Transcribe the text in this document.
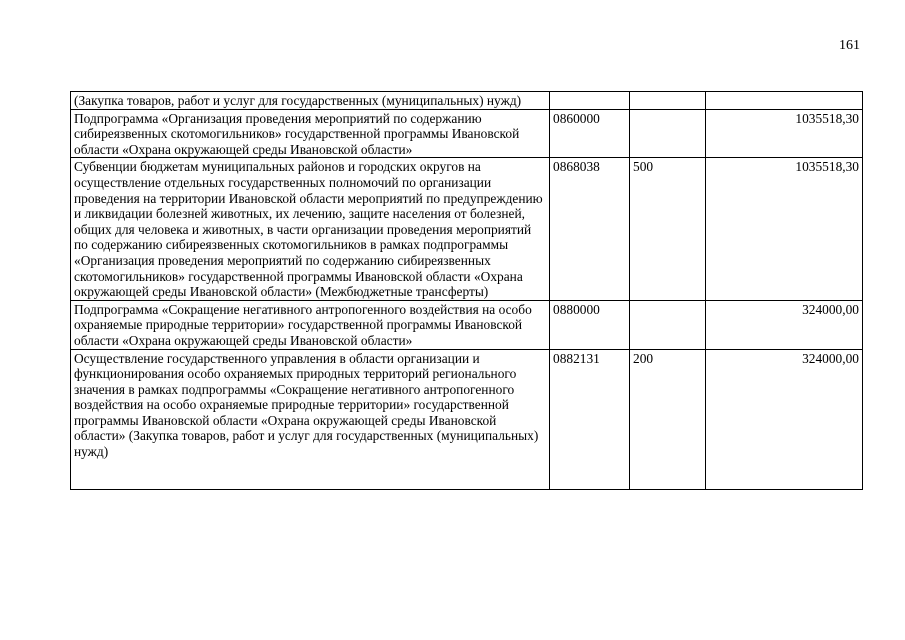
161
(Закупка товаров, работ и услуг для государственных (муниципальных) нужд)			
Подпрограмма «Организация проведения мероприятий по содержанию сибиреязвенных скотомогильников» государственной программы Ивановской области «Охрана окружающей среды Ивановской области»	0860000		1035518,30
Субвенции бюджетам муниципальных районов и городских округов на осуществление отдельных государственных полномочий по организации проведения на территории Ивановской области мероприятий по предупреждению и ликвидации болезней животных, их лечению, защите населения от болезней, общих для человека и животных, в части организации проведения мероприятий по содержанию сибиреязвенных скотомогильников в рамках подпрограммы «Организация проведения мероприятий по содержанию сибиреязвенных скотомогильников» государственной программы Ивановской области «Охрана окружающей среды Ивановской области» (Межбюджетные трансферты)	0868038	500	1035518,30
Подпрограмма «Сокращение негативного антропогенного воздействия на особо охраняемые природные территории» государственной программы Ивановской области «Охрана окружающей среды Ивановской области»	0880000		324000,00
Осуществление государственного управления в области организации и функционирования особо охраняемых природных территорий регионального значения в рамках подпрограммы «Сокращение негативного антропогенного воздействия на особо охраняемые природные территории» государственной программы Ивановской области «Охрана окружающей среды Ивановской области» (Закупка товаров, работ и услуг для государственных (муниципальных) нужд)	0882131	200	324000,00
